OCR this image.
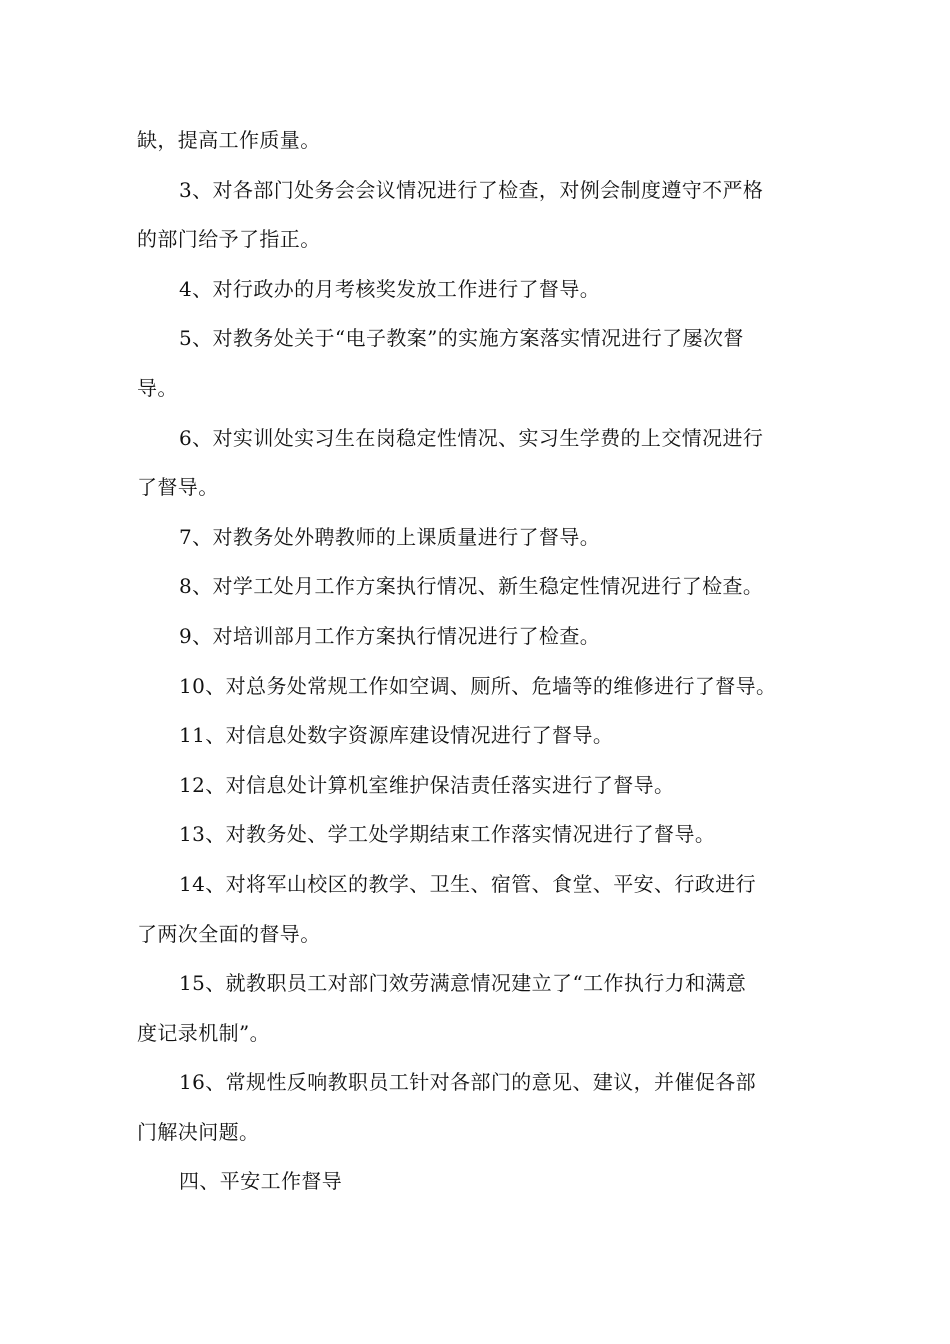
缺，提高工作质量。
3、对各部门处务会会议情况进行了检查，对例会制度遵守不严格
的部门给予了指正。
4、对行政办的月考核奖发放工作进行了督导。
5、对教务处关于“电子教案”的实施方案落实情况进行了屡次督
导。
6、对实训处实习生在岗稳定性情况、实习生学费的上交情况进行
了督导。
7、对教务处外聘教师的上课质量进行了督导。
8、对学工处月工作方案执行情况、新生稳定性情况进行了检查。
9、对培训部月工作方案执行情况进行了检查。
10、对总务处常规工作如空调、厕所、危墙等的维修进行了督导。
11、对信息处数字资源库建设情况进行了督导。
12、对信息处计算机室维护保洁责任落实进行了督导。
13、对教务处、学工处学期结束工作落实情况进行了督导。
14、对将军山校区的教学、卫生、宿管、食堂、平安、行政进行
了两次全面的督导。
15、就教职员工对部门效劳满意情况建立了“工作执行力和满意
度记录机制”。
16、常规性反响教职员工针对各部门的意见、建议，并催促各部
门解决问题。
四、平安工作督导
